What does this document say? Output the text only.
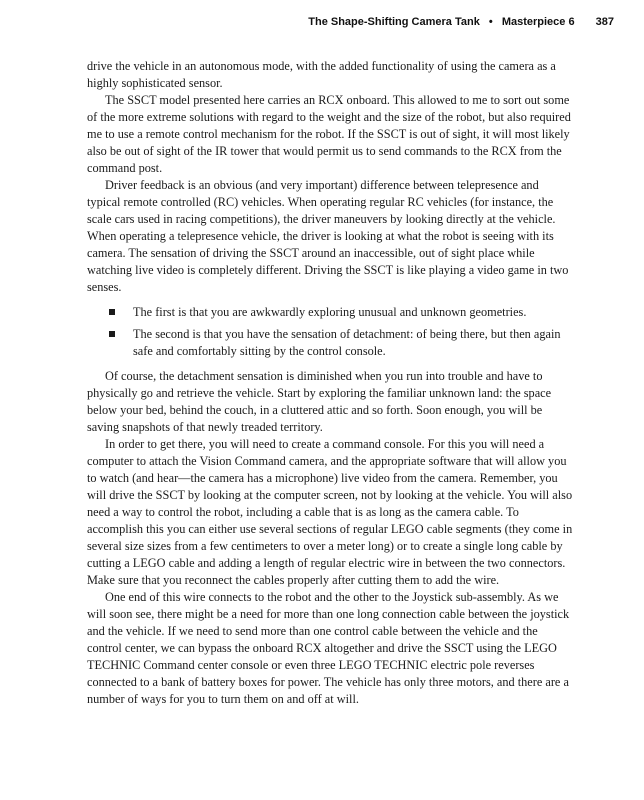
The Shape-Shifting Camera Tank • Masterpiece 6 387

drive the vehicle in an autonomous mode, with the added functionality of using the camera as a highly sophisticated sensor.

The SSCT model presented here carries an RCX onboard. This allowed to me to sort out some of the more extreme solutions with regard to the weight and the size of the robot, but also required me to use a remote control mechanism for the robot. If the SSCT is out of sight, it will most likely also be out of sight of the IR tower that would permit us to send commands to the RCX from the command post.

Driver feedback is an obvious (and very important) difference between telepresence and typical remote controlled (RC) vehicles. When operating regular RC vehicles (for instance, the scale cars used in racing competitions), the driver maneuvers by looking directly at the vehicle. When operating a telepresence vehicle, the driver is looking at what the robot is seeing with its camera. The sensation of driving the SSCT around an inaccessible, out of sight place while watching live video is completely different. Driving the SSCT is like playing a video game in two senses.

The first is that you are awkwardly exploring unusual and unknown geometries.
The second is that you have the sensation of detachment: of being there, but then again safe and comfortably sitting by the control console.

Of course, the detachment sensation is diminished when you run into trouble and have to physically go and retrieve the vehicle. Start by exploring the familiar unknown land: the space below your bed, behind the couch, in a cluttered attic and so forth. Soon enough, you will be saving snapshots of that newly treaded territory.

In order to get there, you will need to create a command console. For this you will need a computer to attach the Vision Command camera, and the appropriate software that will allow you to watch (and hear—the camera has a microphone) live video from the camera. Remember, you will drive the SSCT by looking at the computer screen, not by looking at the vehicle. You will also need a way to control the robot, including a cable that is as long as the camera cable. To accomplish this you can either use several sections of regular LEGO cable segments (they come in several size sizes from a few centimeters to over a meter long) or to create a single long cable by cutting a LEGO cable and adding a length of regular electric wire in between the two connectors. Make sure that you reconnect the cables properly after cutting them to add the wire.

One end of this wire connects to the robot and the other to the Joystick sub-assembly. As we will soon see, there might be a need for more than one long connection cable between the joystick and the vehicle. If we need to send more than one control cable between the vehicle and the control center, we can bypass the onboard RCX altogether and drive the SSCT using the LEGO TECHNIC Command center console or even three LEGO TECHNIC electric pole reverses connected to a bank of battery boxes for power. The vehicle has only three motors, and there are a number of ways for you to turn them on and off at will.
